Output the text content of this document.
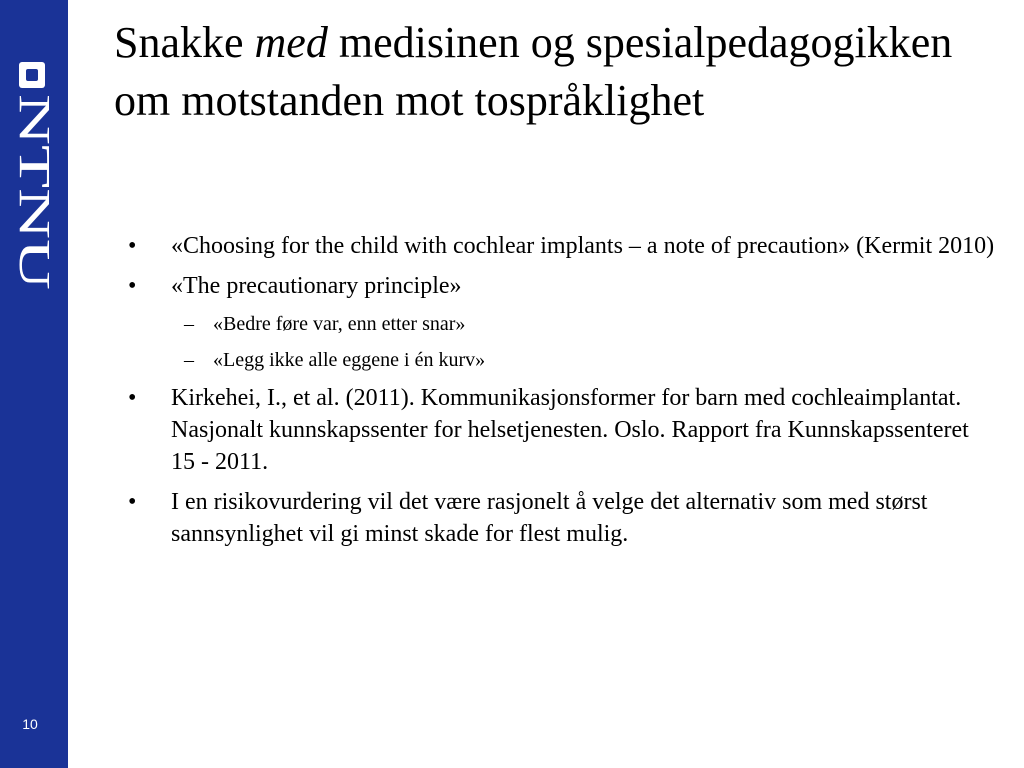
NTNU
10
Snakke med medisinen og spesialpedagogikken om motstanden mot tospråklighet
• «Choosing for the child with cochlear implants – a note of precaution» (Kermit 2010)
• «The precautionary principle»
– «Bedre føre var, enn etter snar»
– «Legg ikke alle eggene i én kurv»
• Kirkehei, I., et al. (2011). Kommunikasjonsformer for barn med cochleaimplantat. Nasjonalt kunnskapssenter for helsetjenesten. Oslo. Rapport fra Kunnskapssenteret 15 - 2011.
• I en risikovurdering vil det være rasjonelt å velge det alternativ som med størst sannsynlighet vil gi minst skade for flest mulig.
